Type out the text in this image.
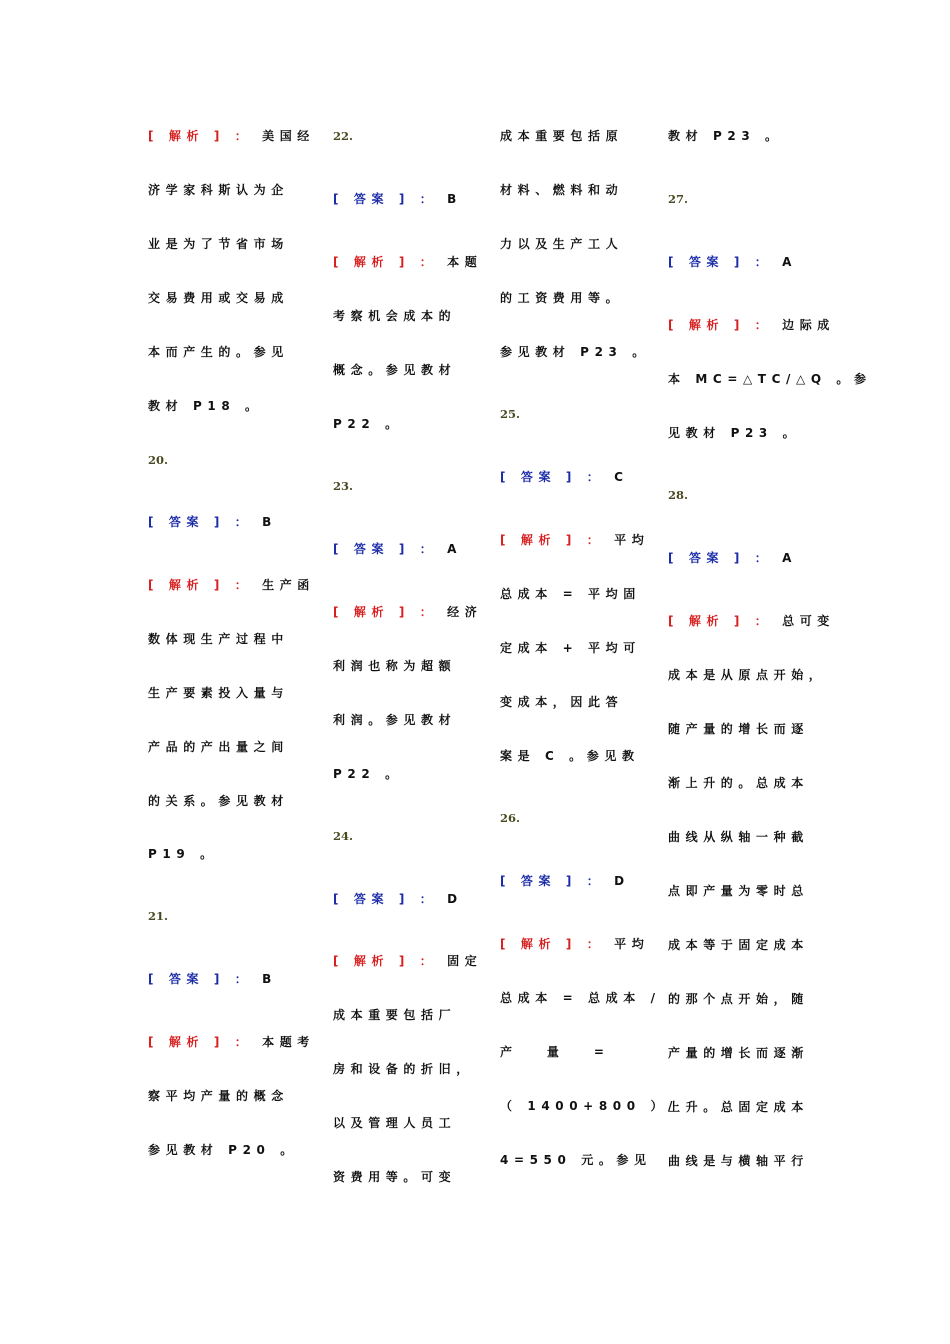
[ 解析 ] ： 美国经
济学家科斯认为企
业是为了节省市场
交易费用或交易成
本而产生的。参见
教材 P18 。
20.
[ 答案 ] ： B
[ 解析 ] ： 生产函
数体现生产过程中
生产要素投入量与
产品的产出量之间
的关系。参见教材
P19 。
21.
[ 答案 ] ： B
[ 解析 ] ： 本题考
察平均产量的概念
参见教材 P20 。
22.
[ 答案 ] ： B
[ 解析 ] ： 本题
考察机会成本的
概念。参见教材
P22 。
23.
[ 答案 ] ： A
[ 解析 ] ： 经济
利润也称为超额
利润。参见教材
P22 。
24.
[ 答案 ] ： D
[ 解析 ] ： 固定
成本重要包括厂
房和设备的折旧，
以及管理人员工
资费用等。可变
成本重要包括原
材料、燃料和动
力以及生产工人
的工资费用等。
参见教材 P23 。
25.
[ 答案 ] ： C
[ 解析 ] ： 平均
总成本 = 平均固
定成本 + 平均可
变成本，因此答
案是 C 。参见教
26.
[ 答案 ] ： D
[ 解析 ] ： 平均
总成本 = 总成本 /
产   量   =
（ 1400+800 ）/
4=550 元。参见
教材 P23 。
27.
[ 答案 ] ： A
[ 解析 ] ： 边际成
本 MC=△TC/△Q 。参
见教材 P23 。
28.
[ 答案 ] ： A
[ 解析 ] ： 总可变
成本是从原点开始，
随产量的增长而逐
渐上升的。总成本
曲线从纵轴一种截
点即产量为零时总
成本等于固定成本
的那个点开始，随
产量的增长而逐渐
上升。总固定成本
曲线是与横轴平行
